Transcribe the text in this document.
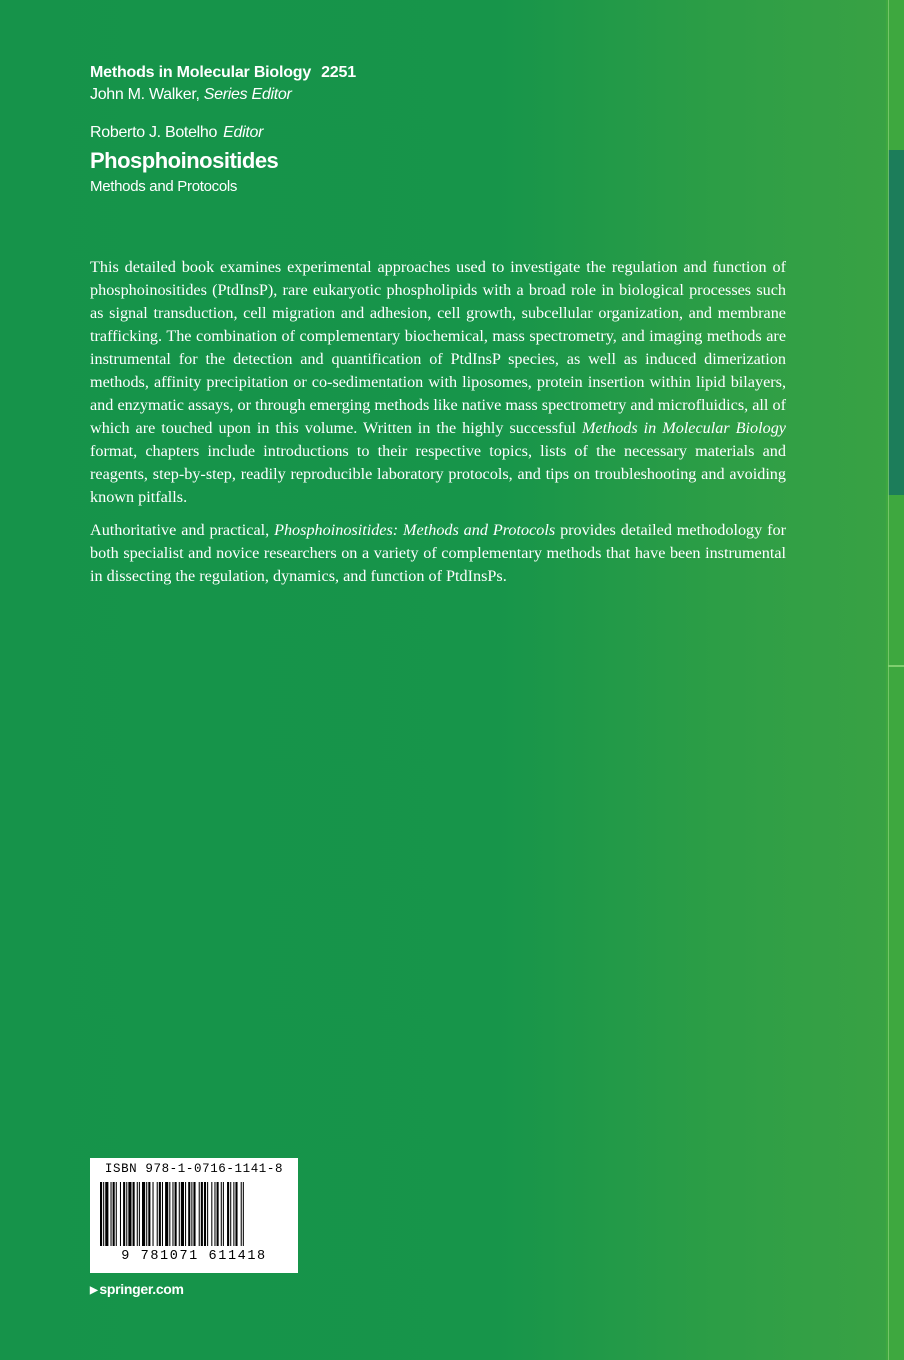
Methods in Molecular Biology 2251
John M. Walker, Series Editor
Roberto J. Botelho Editor
Phosphoinositides
Methods and Protocols

This detailed book examines experimental approaches used to investigate the regulation and function of phosphoinositides (PtdInsP), rare eukaryotic phospholipids with a broad role in biological processes such as signal transduction, cell migration and adhesion, cell growth, subcellular organization, and membrane trafficking. The combination of complementary biochemical, mass spectrometry, and imaging methods are instrumental for the detection and quantification of PtdInsP species, as well as induced dimerization methods, affinity precipitation or co-sedimentation with liposomes, protein insertion within lipid bilayers, and enzymatic assays, or through emerging methods like native mass spectrometry and microfluidics, all of which are touched upon in this volume. Written in the highly successful Methods in Molecular Biology format, chapters include introductions to their respective topics, lists of the necessary materials and reagents, step-by-step, readily reproducible laboratory protocols, and tips on troubleshooting and avoiding known pitfalls.

Authoritative and practical, Phosphoinositides: Methods and Protocols provides detailed methodology for both specialist and novice researchers on a variety of complementary methods that have been instrumental in dissecting the regulation, dynamics, and function of PtdInsPs.

ISBN 978-1-0716-1141-8
9 781071 611418
▶ springer.com
